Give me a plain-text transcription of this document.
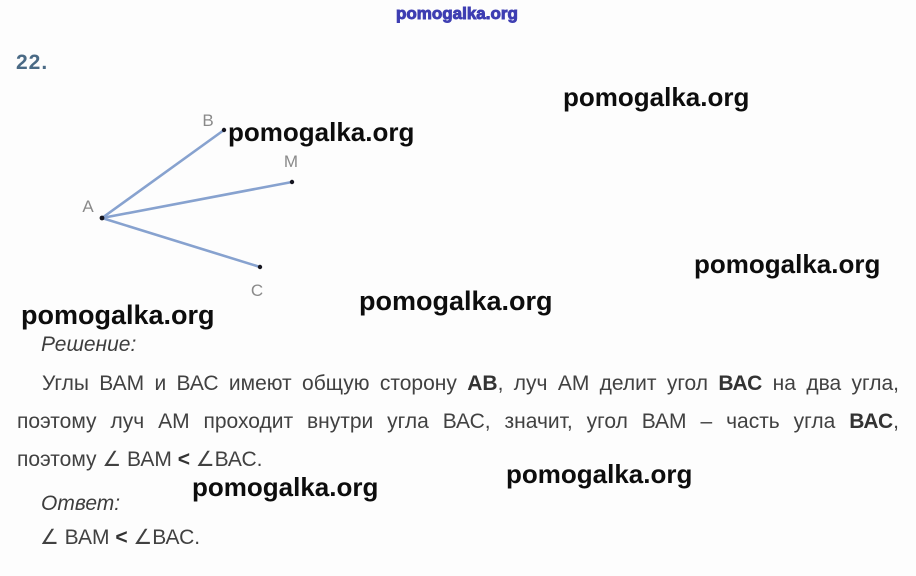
pomogalka.org
22.
А
В
М
С
pomogalka.org
pomogalka.org
pomogalka.org
pomogalka.org
pomogalka.org
pomogalka.org
pomogalka.org
Решение:
Углы ВАМ и ВАС имеют общую сторону АВ, луч АМ делит угол ВАС на два угла,
поэтому луч АМ проходит внутри угла ВАС, значит, угол ВАМ – часть угла ВАС,
поэтому ∠ ВАМ < ∠ВАС.
Ответ:
∠ ВАМ < ∠ВАС.
